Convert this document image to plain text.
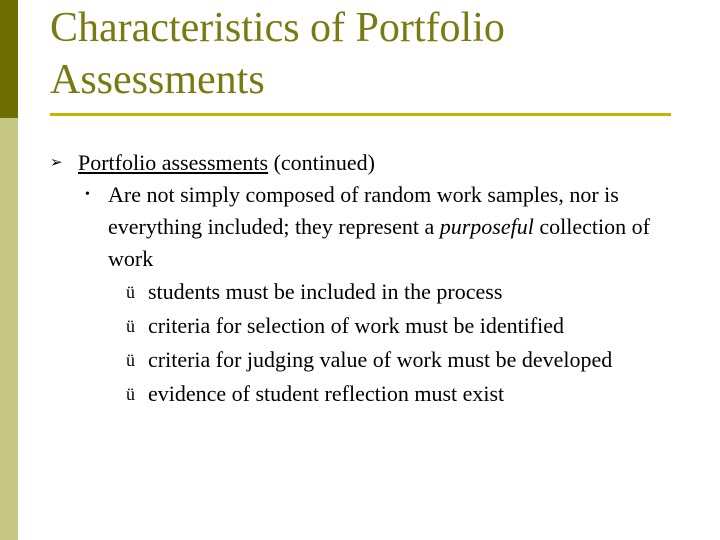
Characteristics of Portfolio Assessments
➢ Portfolio assessments (continued)
• Are not simply composed of random work samples, nor is everything included; they represent a purposeful collection of work
ü students must be included in the process
ü criteria for selection of work must be identified
ü criteria for judging value of work must be developed
ü evidence of student reflection must exist
